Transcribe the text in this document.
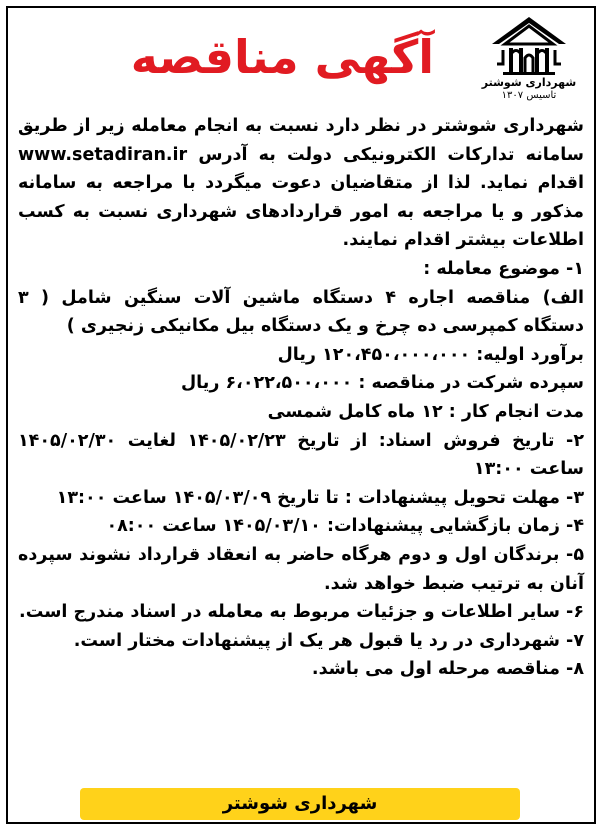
شهرداری شوشتر
تاسیس ۱۳۰۷
آگهی مناقصه

شهرداری شوشتر در نظر دارد نسبت به انجام معامله زیر از طریق سامانه تدارکات الکترونیکی دولت به آدرس www.setadiran.ir اقدام نماید. لذا از متقاضیان دعوت میگردد با مراجعه به سامانه مذکور و یا مراجعه به امور قراردادهای شهرداری نسبت به کسب اطلاعات بیشتر اقدام نمایند.

۱- موضوع معامله :

الف) مناقصه اجاره ۴ دستگاه ماشین آلات سنگین شامل ( ۳ دستگاه کمپرسی ده چرخ و یک دستگاه بیل مکانیکی زنجیری )

برآورد اولیه: ۱۲۰،۴۵۰،۰۰۰،۰۰۰ ریال

سپرده شرکت در مناقصه : ۶،۰۲۲،۵۰۰،۰۰۰ ریال

مدت انجام کار : ۱۲ ماه کامل شمسی

۲- تاریخ فروش اسناد: از تاریخ ۱۴۰۵/۰۲/۲۳ لغایت ۱۴۰۵/۰۲/۳۰ ساعت ۱۳:۰۰

۳- مهلت تحویل پیشنهادات : تا تاریخ ۱۴۰۵/۰۳/۰۹ ساعت ۱۳:۰۰

۴- زمان بازگشایی پیشنهادات: ۱۴۰۵/۰۳/۱۰ ساعت ۰۸:۰۰

۵- برندگان اول و دوم هرگاه حاضر به انعقاد قرارداد نشوند سپرده آنان به ترتیب ضبط خواهد شد.

۶- سایر اطلاعات و جزئیات مربوط به معامله در اسناد مندرج است.

۷- شهرداری در رد یا قبول هر یک از پیشنهادات مختار است.

۸- مناقصه مرحله اول می باشد.

شهرداری شوشتر
